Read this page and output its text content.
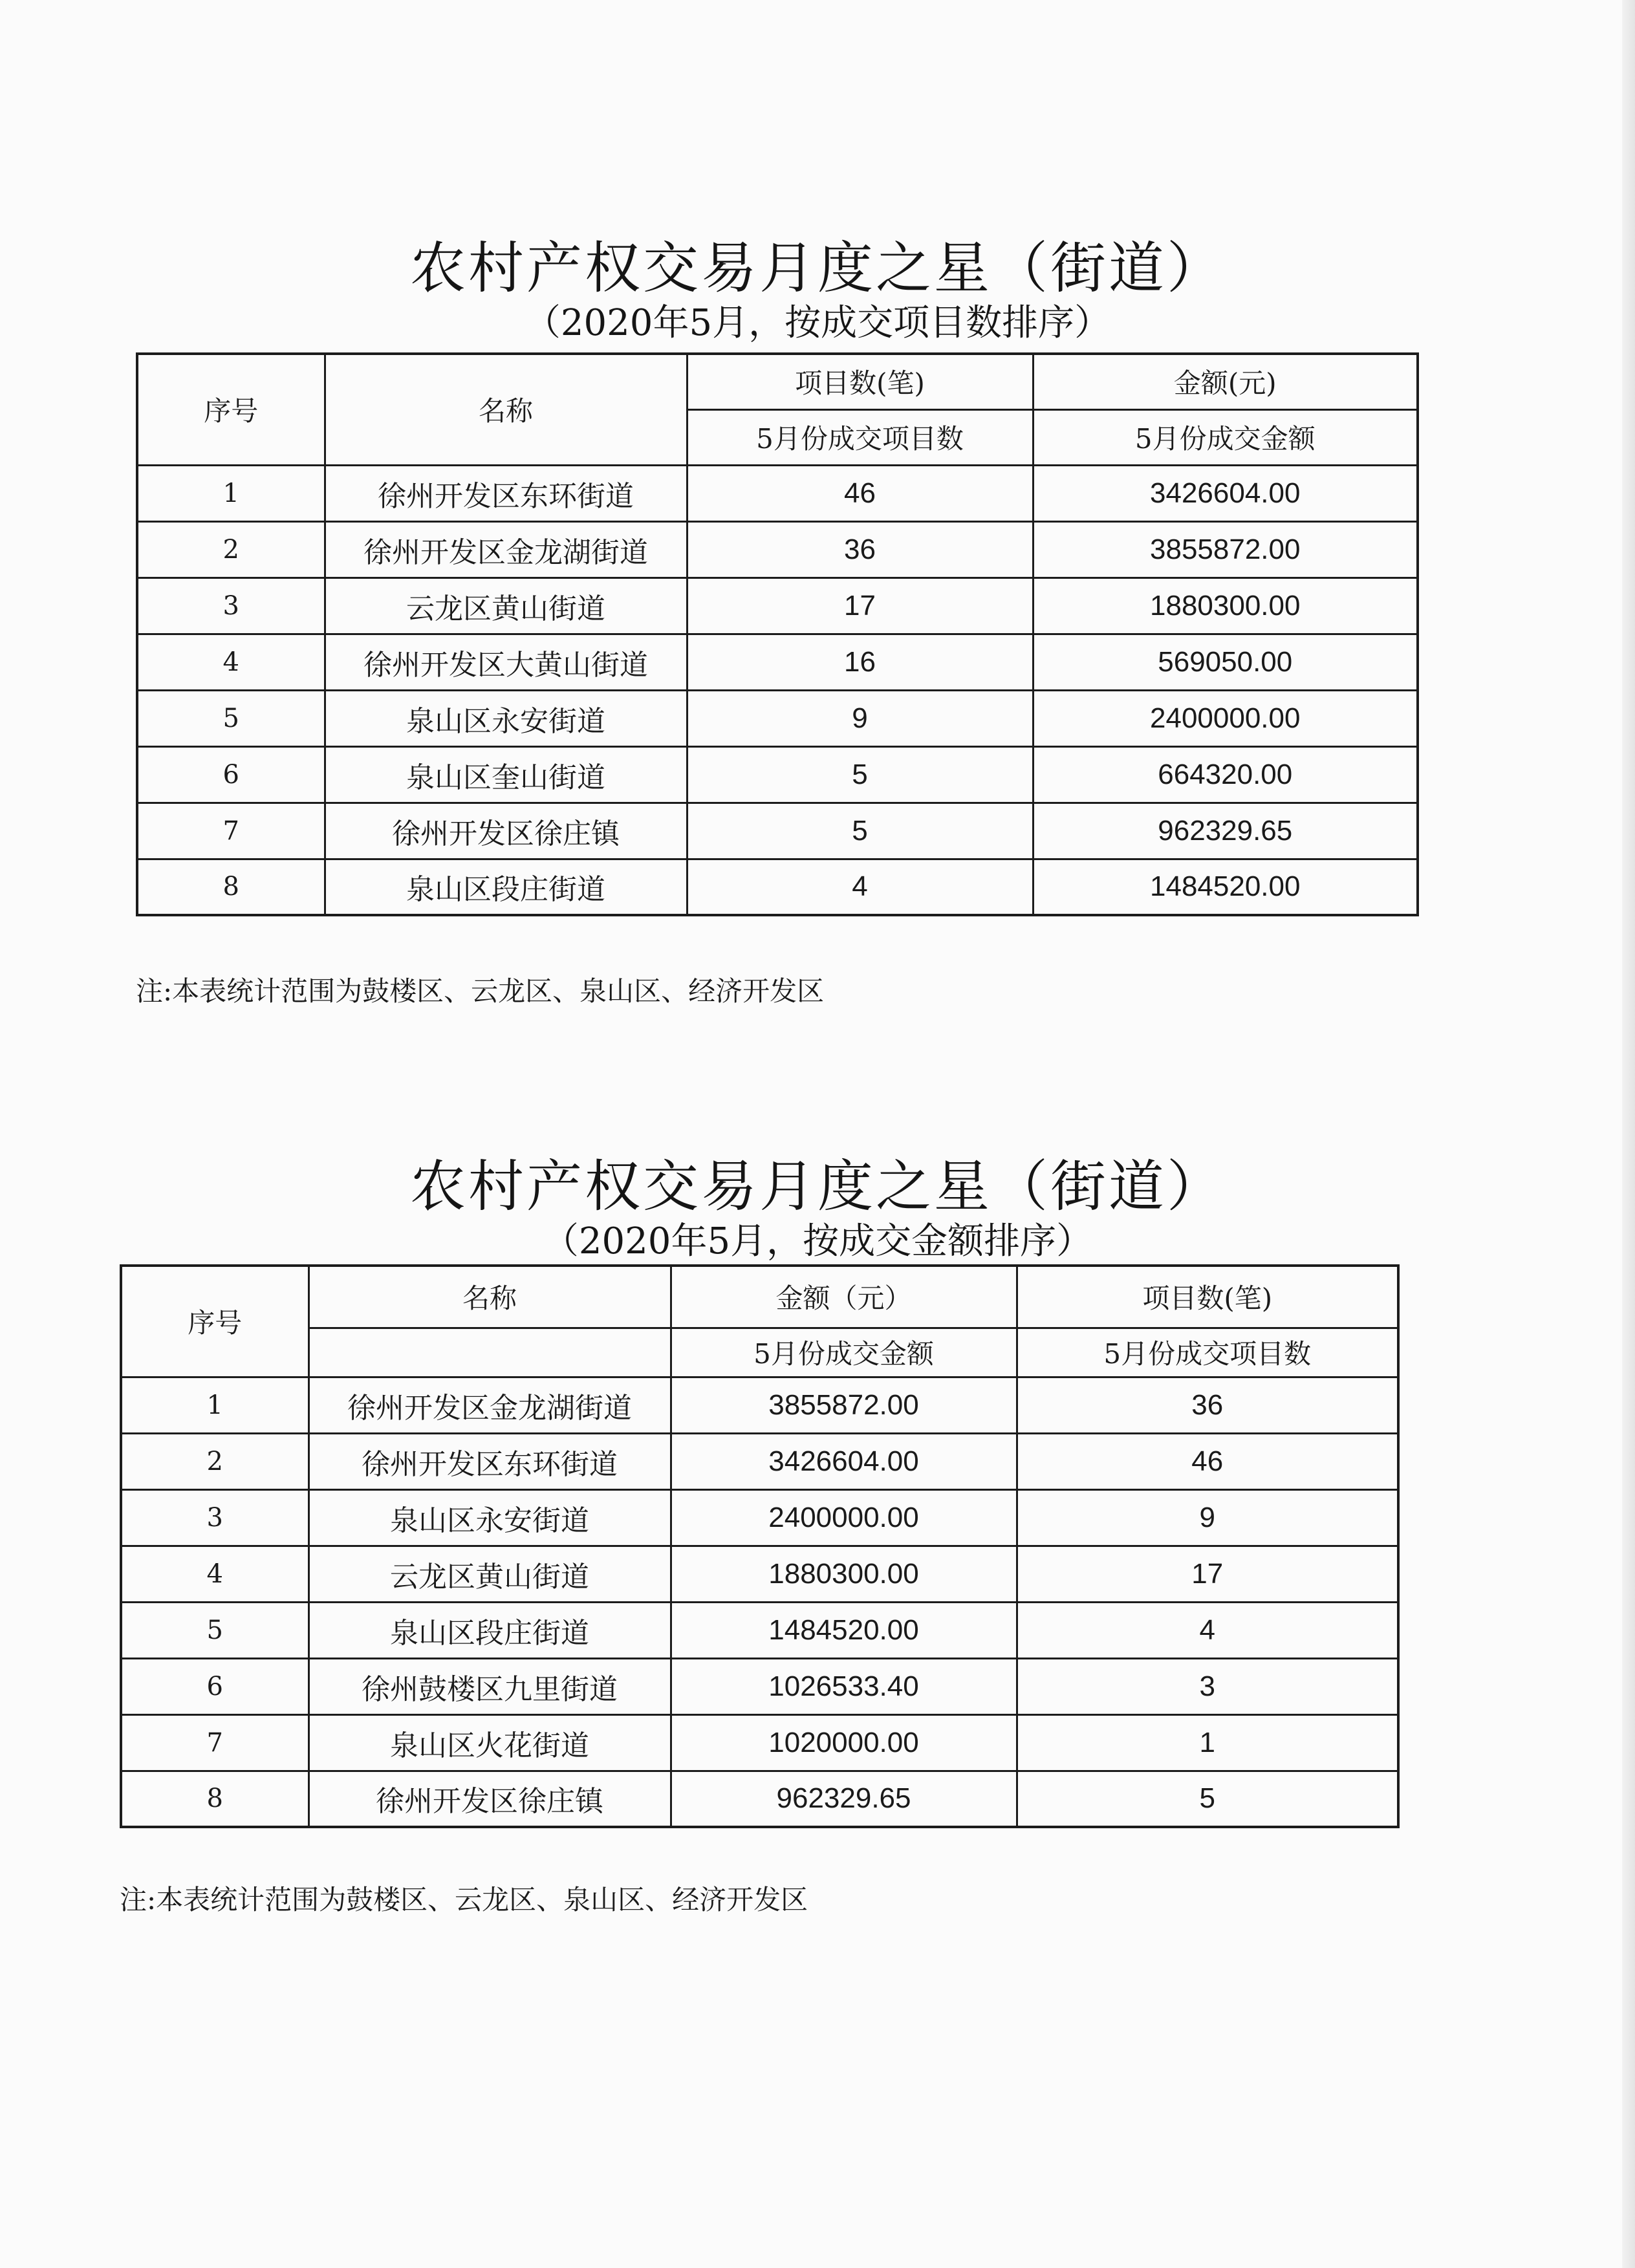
农村产权交易月度之星（街道）
（2020年5月，按成交项目数排序）
序号	名称	项目数(笔)	金额(元)
		5月份成交项目数	5月份成交金额
1	徐州开发区东环街道	46	3426604.00
2	徐州开发区金龙湖街道	36	3855872.00
3	云龙区黄山街道	17	1880300.00
4	徐州开发区大黄山街道	16	569050.00
5	泉山区永安街道	9	2400000.00
6	泉山区奎山街道	5	664320.00
7	徐州开发区徐庄镇	5	962329.65
8	泉山区段庄街道	4	1484520.00
注:本表统计范围为鼓楼区、云龙区、泉山区、经济开发区
农村产权交易月度之星（街道）
（2020年5月，按成交金额排序）
序号	名称	金额（元）	项目数(笔)
		5月份成交金额	5月份成交项目数
1	徐州开发区金龙湖街道	3855872.00	36
2	徐州开发区东环街道	3426604.00	46
3	泉山区永安街道	2400000.00	9
4	云龙区黄山街道	1880300.00	17
5	泉山区段庄街道	1484520.00	4
6	徐州鼓楼区九里街道	1026533.40	3
7	泉山区火花街道	1020000.00	1
8	徐州开发区徐庄镇	962329.65	5
注:本表统计范围为鼓楼区、云龙区、泉山区、经济开发区
